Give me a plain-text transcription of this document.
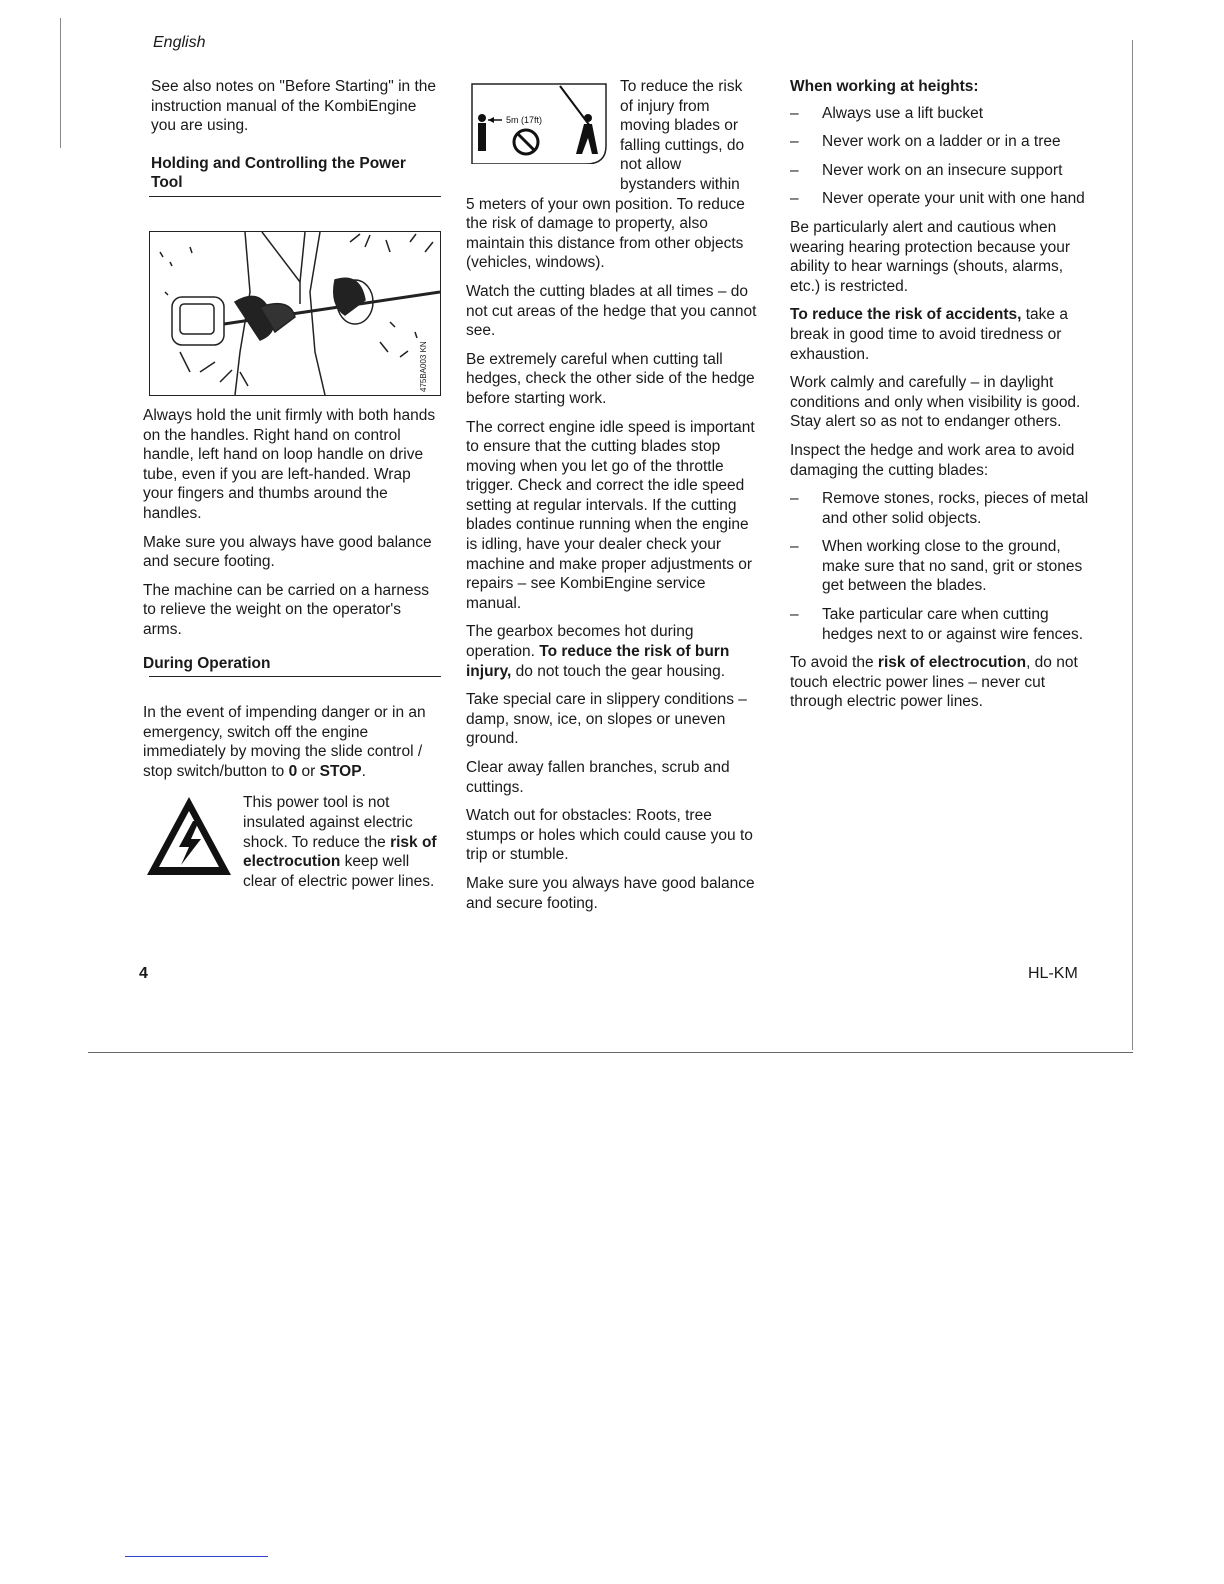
English

See also notes on "Before Starting" in the instruction manual of the KombiEngine you are using.

Holding and Controlling the Power Tool
475BA003 KN

Always hold the unit firmly with both hands on the handles. Right hand on control handle, left hand on loop handle on drive tube, even if you are left-handed. Wrap your fingers and thumbs around the handles.

Make sure you always have good balance and secure footing.

The machine can be carried on a harness to relieve the weight on the operator's arms.

During Operation

In the event of impending danger or in an emergency, switch off the engine immediately by moving the slide control / stop switch/button to 0 or STOP.

This power tool is not insulated against electric shock. To reduce the risk of electrocution keep well clear of electric power lines.
5m (17ft)
To reduce the risk of injury from moving blades or falling cuttings, do not allow bystanders within

5 meters of your own position. To reduce the risk of damage to property, also maintain this distance from other objects (vehicles, windows).

Watch the cutting blades at all times – do not cut areas of the hedge that you cannot see.

Be extremely careful when cutting tall hedges, check the other side of the hedge before starting work.

The correct engine idle speed is important to ensure that the cutting blades stop moving when you let go of the throttle trigger. Check and correct the idle speed setting at regular intervals. If the cutting blades continue running when the engine is idling, have your dealer check your machine and make proper adjustments or repairs – see KombiEngine service manual.

The gearbox becomes hot during operation. To reduce the risk of burn injury, do not touch the gear housing.

Take special care in slippery conditions – damp, snow, ice, on slopes or uneven ground.

Clear away fallen branches, scrub and cuttings.

Watch out for obstacles: Roots, tree stumps or holes which could cause you to trip or stumble.

Make sure you always have good balance and secure footing.

When working at heights:

– Always use a lift bucket
– Never work on a ladder or in a tree
– Never work on an insecure support
– Never operate your unit with one hand

Be particularly alert and cautious when wearing hearing protection because your ability to hear warnings (shouts, alarms, etc.) is restricted.

To reduce the risk of accidents, take a break in good time to avoid tiredness or exhaustion.

Work calmly and carefully – in daylight conditions and only when visibility is good. Stay alert so as not to endanger others.

Inspect the hedge and work area to avoid damaging the cutting blades:

– Remove stones, rocks, pieces of metal and other solid objects.
– When working close to the ground, make sure that no sand, grit or stones get between the blades.
– Take particular care when cutting hedges next to or against wire fences.

To avoid the risk of electrocution, do not touch electric power lines – never cut through electric power lines.

4	HL-KM
